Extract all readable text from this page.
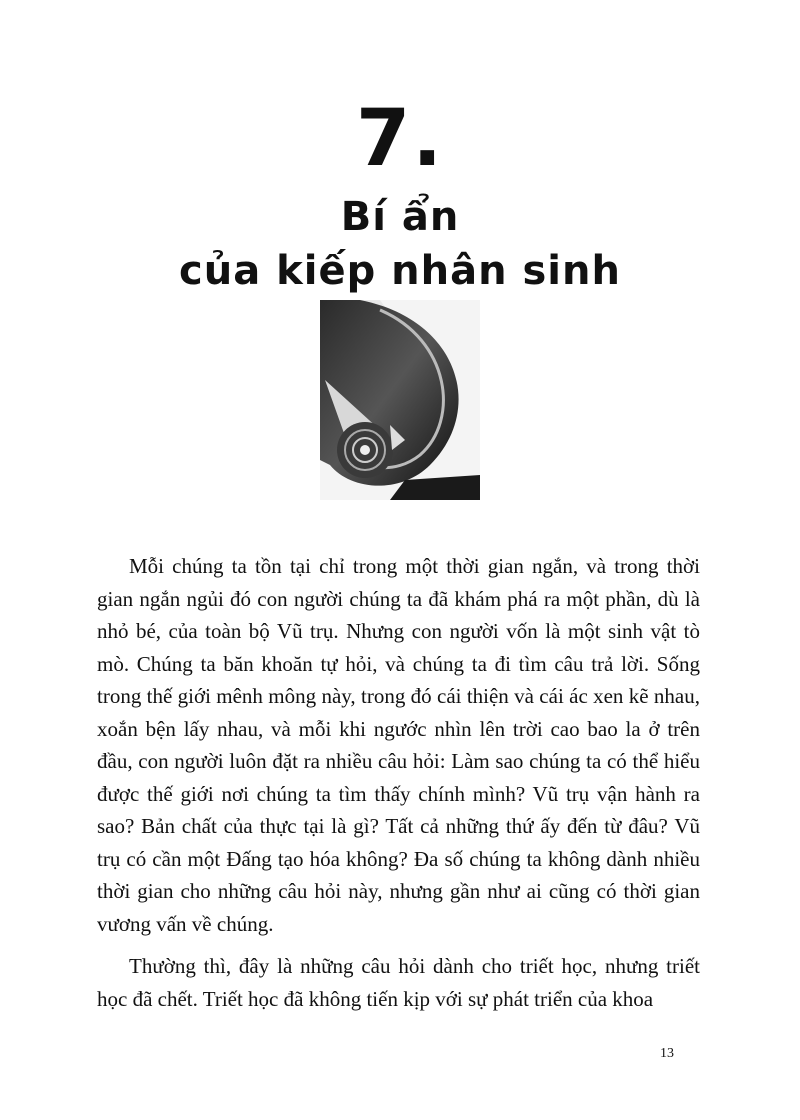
7.
Bí ẩn
của kiếp nhân sinh

Mỗi chúng ta tồn tại chỉ trong một thời gian ngắn, và trong thời gian ngắn ngủi đó con người chúng ta đã khám phá ra một phần, dù là nhỏ bé, của toàn bộ Vũ trụ. Nhưng con người vốn là một sinh vật tò mò. Chúng ta băn khoăn tự hỏi, và chúng ta đi tìm câu trả lời. Sống trong thế giới mênh mông này, trong đó cái thiện và cái ác xen kẽ nhau, xoắn bện lấy nhau, và mỗi khi ngước nhìn lên trời cao bao la ở trên đầu, con người luôn đặt ra nhiều câu hỏi: Làm sao chúng ta có thể hiểu được thế giới nơi chúng ta tìm thấy chính mình? Vũ trụ vận hành ra sao? Bản chất của thực tại là gì? Tất cả những thứ ấy đến từ đâu? Vũ trụ có cần một Đấng tạo hóa không? Đa số chúng ta không dành nhiều thời gian cho những câu hỏi này, nhưng gần như ai cũng có thời gian vương vấn về chúng.

Thường thì, đây là những câu hỏi dành cho triết học, nhưng triết học đã chết. Triết học đã không tiến kịp với sự phát triển của khoa

13
